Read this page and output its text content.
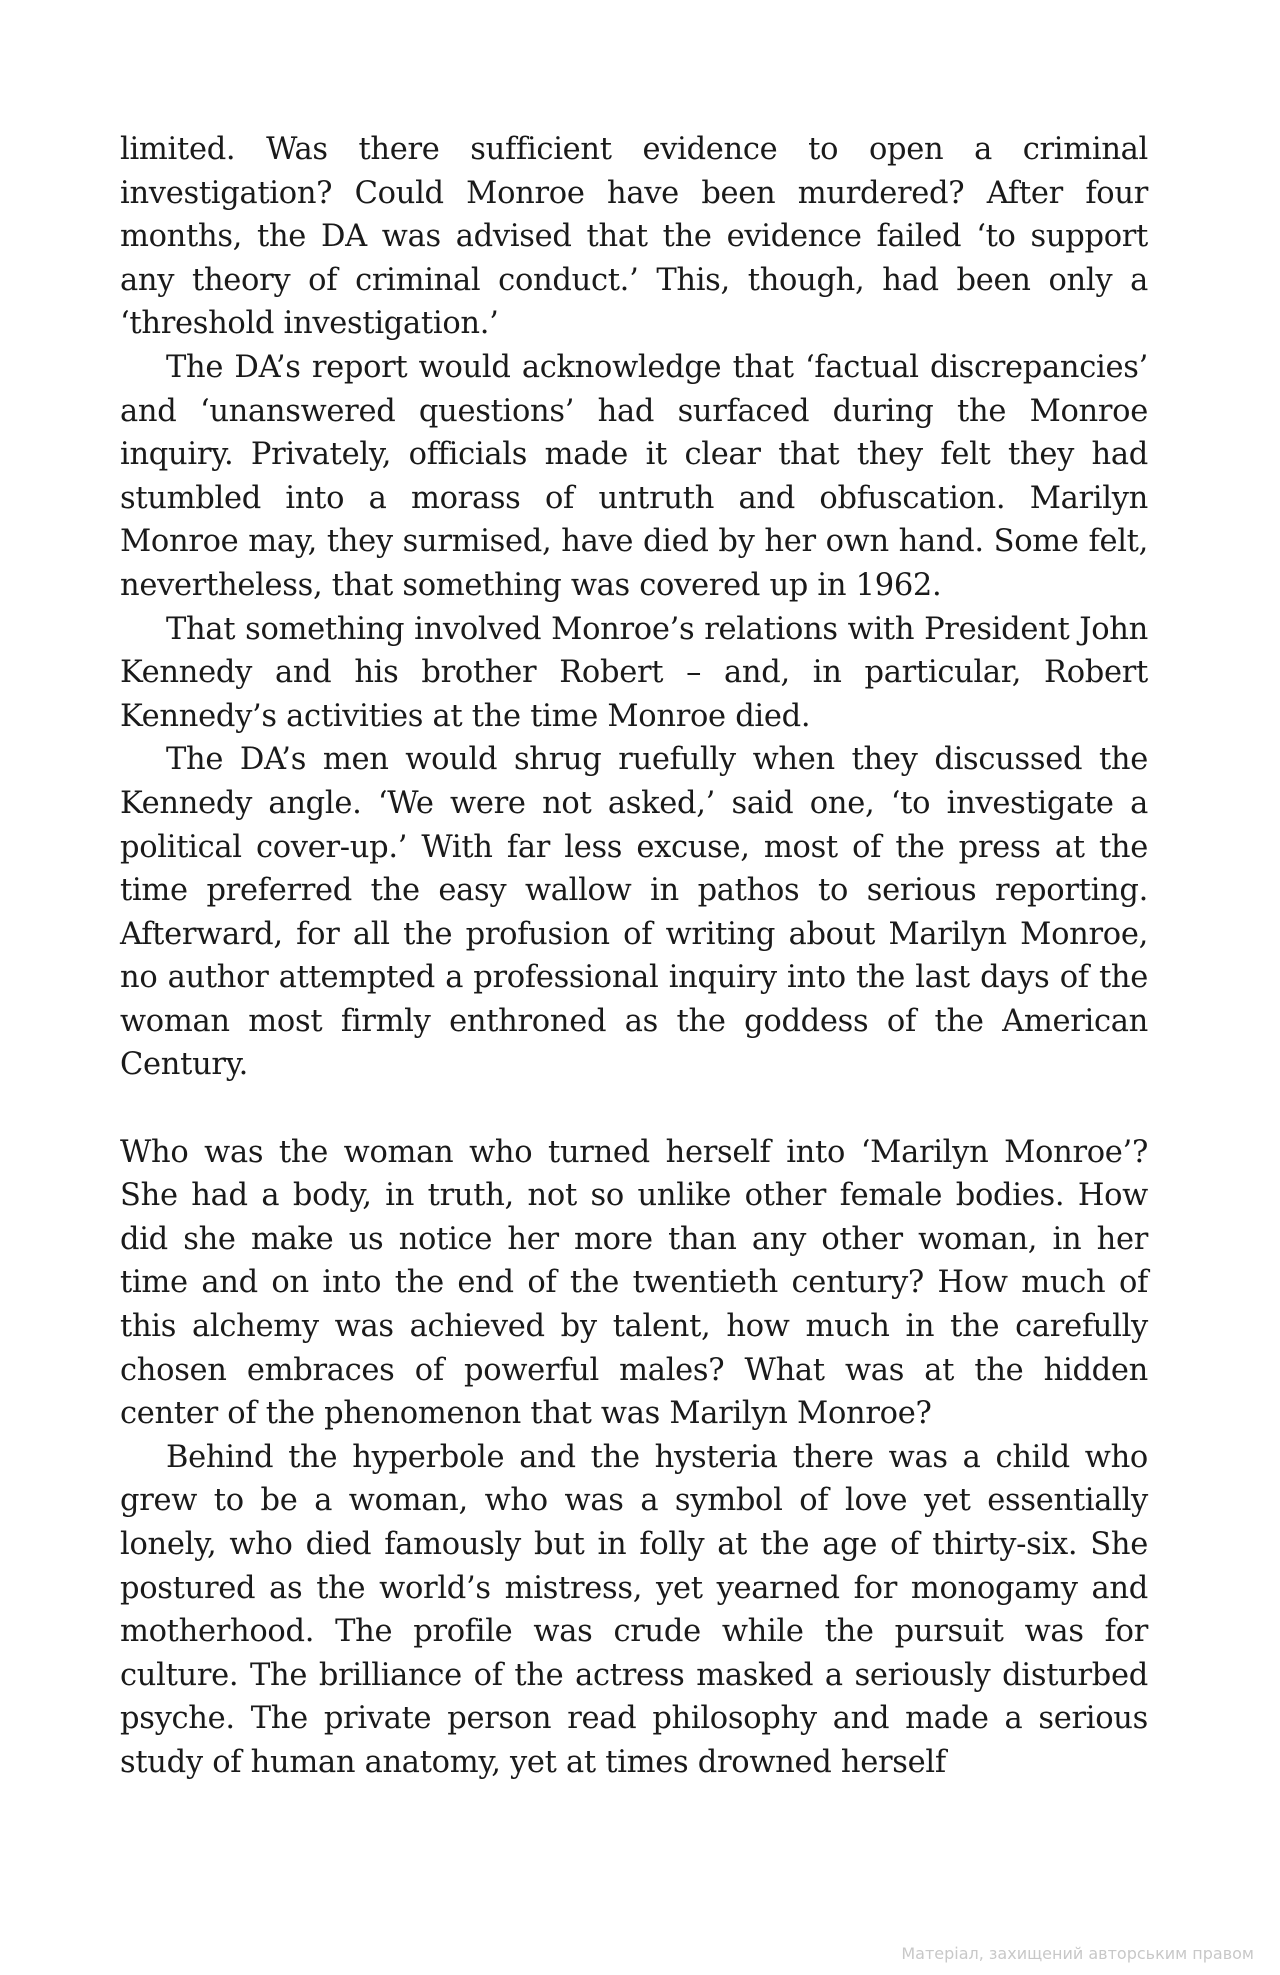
limited. Was there sufficient evidence to open a criminal investigation? Could Monroe have been murdered? After four months, the DA was advised that the evidence failed ‘to support any theory of criminal conduct.’ This, though, had been only a ‘threshold investigation.’

The DA’s report would acknowledge that ‘factual discrepancies’ and ‘unanswered questions’ had surfaced during the Monroe inquiry. Privately, officials made it clear that they felt they had stumbled into a morass of untruth and obfuscation. Marilyn Monroe may, they surmised, have died by her own hand. Some felt, nevertheless, that something was covered up in 1962.

That something involved Monroe’s relations with President John Kennedy and his brother Robert – and, in particular, Robert Kennedy’s activities at the time Monroe died.

The DA’s men would shrug ruefully when they discussed the Kennedy angle. ‘We were not asked,’ said one, ‘to investigate a political cover-up.’ With far less excuse, most of the press at the time preferred the easy wallow in pathos to serious reporting. Afterward, for all the profusion of writing about Marilyn Monroe, no author attempted a professional inquiry into the last days of the woman most firmly enthroned as the goddess of the American Century.

Who was the woman who turned herself into ‘Marilyn Monroe’? She had a body, in truth, not so unlike other female bodies. How did she make us notice her more than any other woman, in her time and on into the end of the twentieth century? How much of this alchemy was achieved by talent, how much in the carefully chosen embraces of powerful males? What was at the hidden center of the phenomenon that was Marilyn Monroe?

Behind the hyperbole and the hysteria there was a child who grew to be a woman, who was a symbol of love yet essentially lonely, who died famously but in folly at the age of thirty-six. She postured as the world’s mistress, yet yearned for monogamy and motherhood. The profile was crude while the pursuit was for culture. The brilliance of the actress masked a seriously disturbed psyche. The private person read philosophy and made a serious study of human anatomy, yet at times drowned herself

Матеріал, захищений авторським правом
